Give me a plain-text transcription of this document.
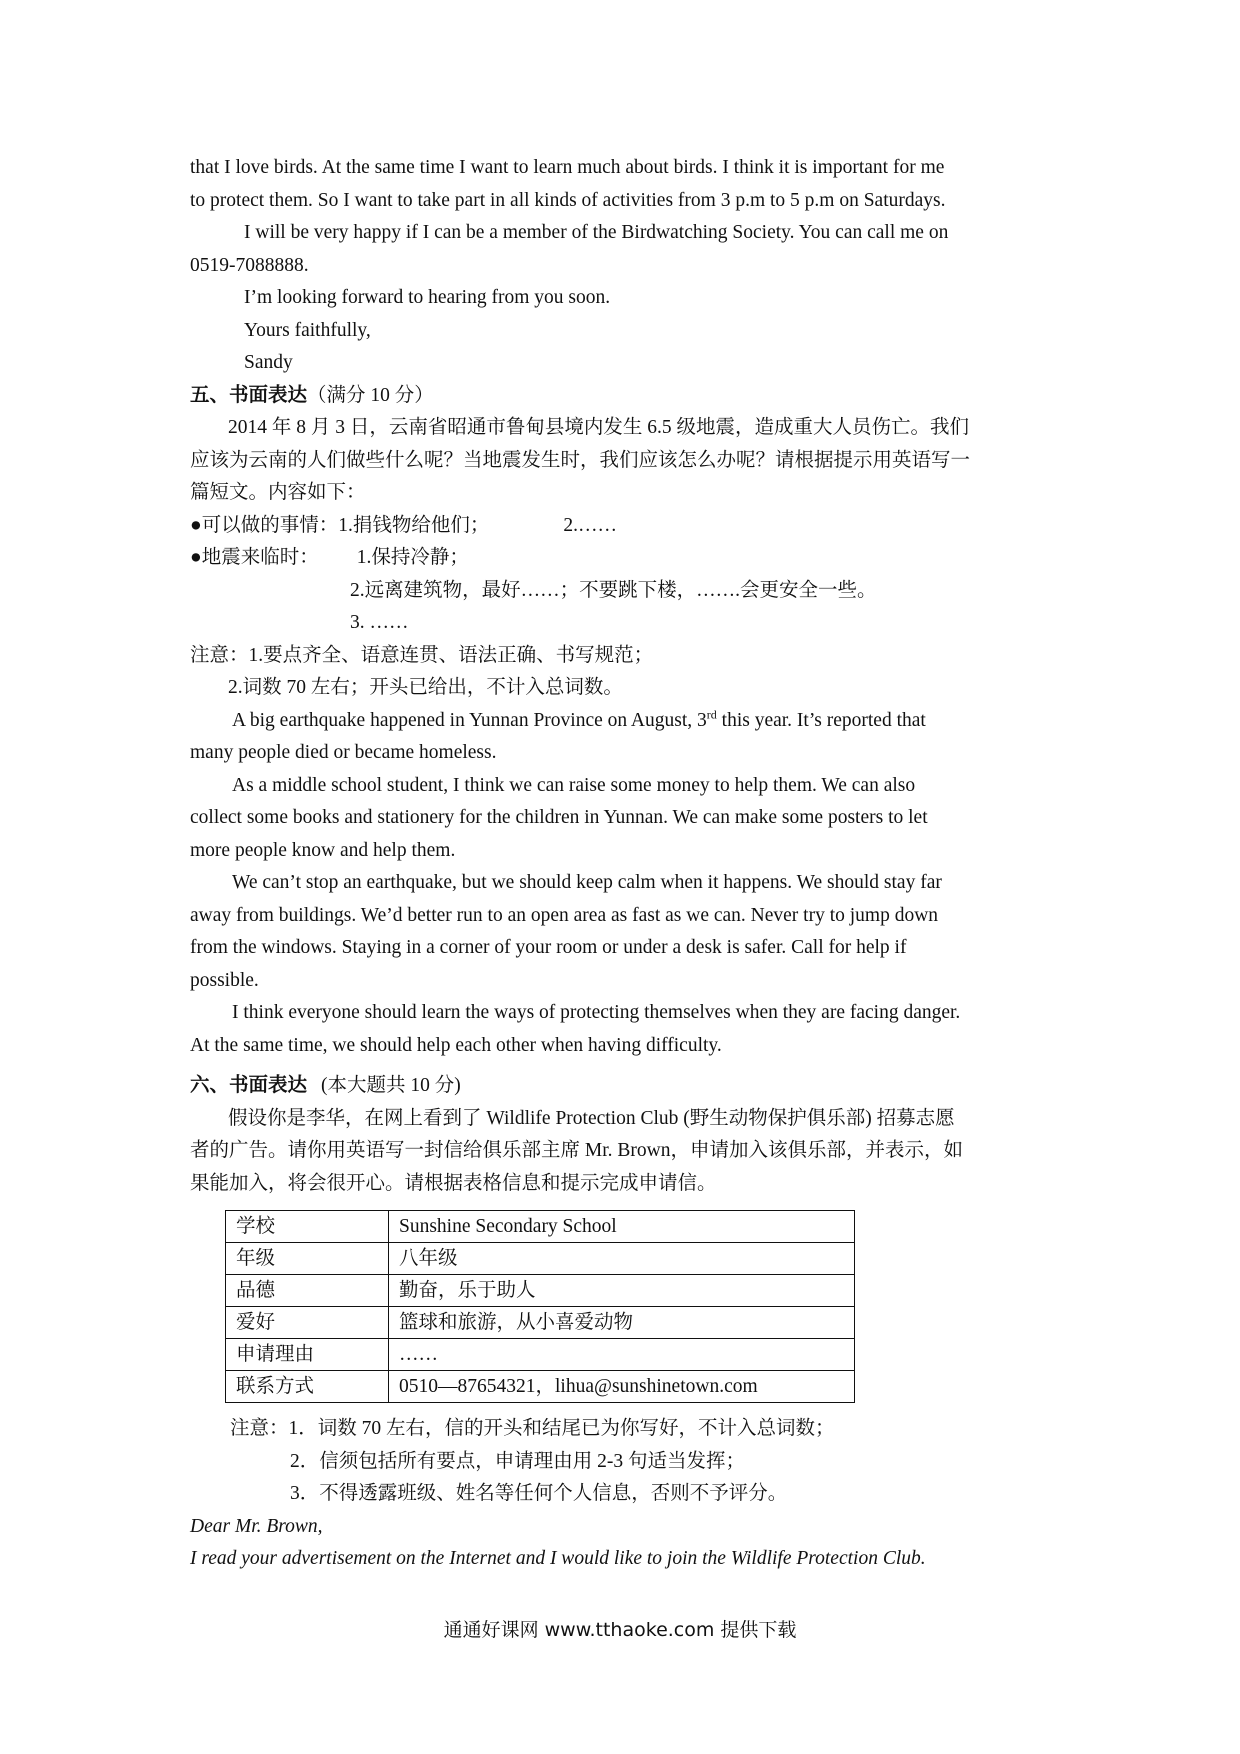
that I love birds. At the same time I want to learn much about birds. I think it is important for me
to protect them. So I want to take part in all kinds of activities from 3 p.m to 5 p.m on Saturdays.
I will be very happy if I can be a member of the Birdwatching Society. You can call me on
0519-7088888.
I’m looking forward to hearing from you soon.
Yours faithfully,
Sandy
五、书面表达（满分 10 分）
2014 年 8 月 3 日，云南省昭通市鲁甸县境内发生 6.5 级地震，造成重大人员伤亡。我们
应该为云南的人们做些什么呢？当地震发生时，我们应该怎么办呢？请根据提示用英语写一
篇短文。内容如下：
●可以做的事情：1.捐钱物给他们；	2.……
●地震来临时： 1.保持冷静；
2.远离建筑物，最好……；不要跳下楼，…….会更安全一些。
3. ……
注意：1.要点齐全、语意连贯、语法正确、书写规范；
2.词数 70 左右；开头已给出，不计入总词数。
A big earthquake happened in Yunnan Province on August, 3rd this year. It’s reported that
many people died or became homeless.
As a middle school student, I think we can raise some money to help them. We can also
collect some books and stationery for the children in Yunnan. We can make some posters to let
more people know and help them.
We can’t stop an earthquake, but we should keep calm when it happens. We should stay far
away from buildings. We’d better run to an open area as fast as we can. Never try to jump down
from the windows. Staying in a corner of your room or under a desk is safer. Call for help if
possible.
I think everyone should learn the ways of protecting themselves when they are facing danger.
At the same time, we should help each other when having difficulty.
六、书面表达 (本大题共 10 分)
假设你是李华，在网上看到了 Wildlife Protection Club (野生动物保护俱乐部) 招募志愿
者的广告。请你用英语写一封信给俱乐部主席 Mr. Brown，申请加入该俱乐部，并表示，如
果能加入，将会很开心。请根据表格信息和提示完成申请信。
学校	Sunshine Secondary School
年级	八年级
品德	勤奋，乐于助人
爱好	篮球和旅游，从小喜爱动物
申请理由	……
联系方式	0510—87654321，lihua@sunshinetown.com
注意：1．词数 70 左右，信的开头和结尾已为你写好，不计入总词数；
2．信须包括所有要点，申请理由用 2-3 句适当发挥；
3．不得透露班级、姓名等任何个人信息，否则不予评分。
Dear Mr. Brown,
I read your advertisement on the Internet and I would like to join the Wildlife Protection Club.
通通好课网 www.tthaoke.com 提供下载
